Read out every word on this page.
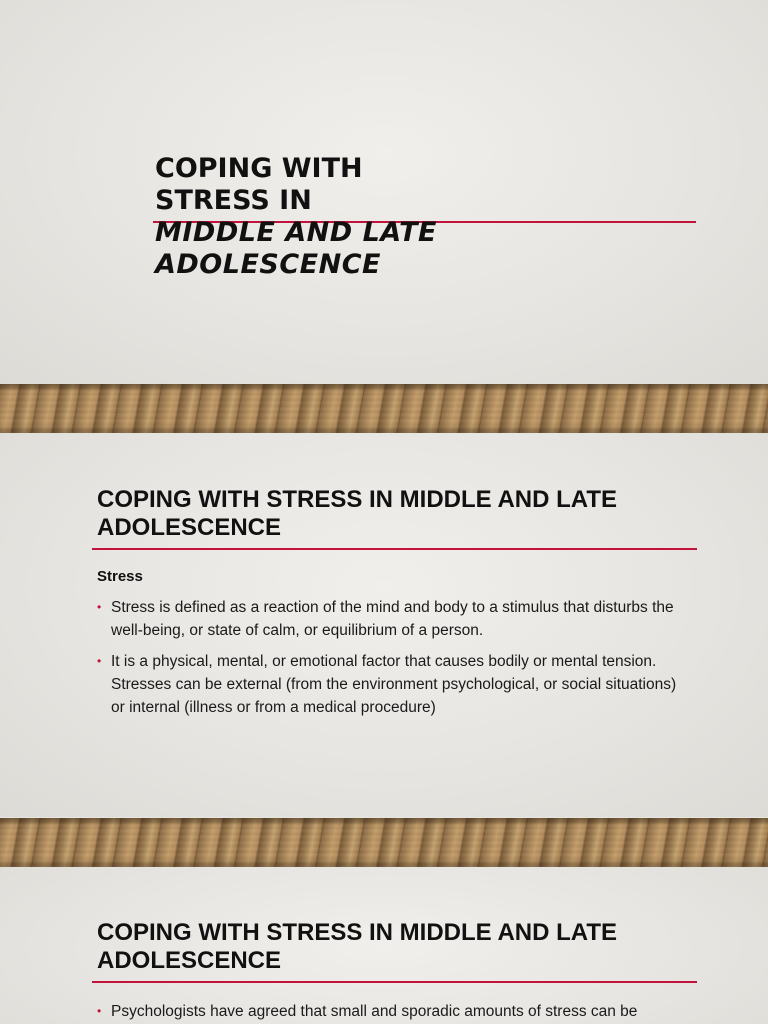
COPING WITH STRESS IN
MIDDLE AND LATE ADOLESCENCE
COPING WITH STRESS IN MIDDLE AND LATE ADOLESCENCE

Stress

• Stress is defined as a reaction of the mind and body to a stimulus that disturbs the well-being, or state of calm, or equilibrium of a person.
• It is a physical, mental, or emotional factor that causes bodily or mental tension. Stresses can be external (from the environment psychological, or social situations) or internal (illness or from a medical procedure)
COPING WITH STRESS IN MIDDLE AND LATE ADOLESCENCE
• Psychologists have agreed that small and sporadic amounts of stress can be
